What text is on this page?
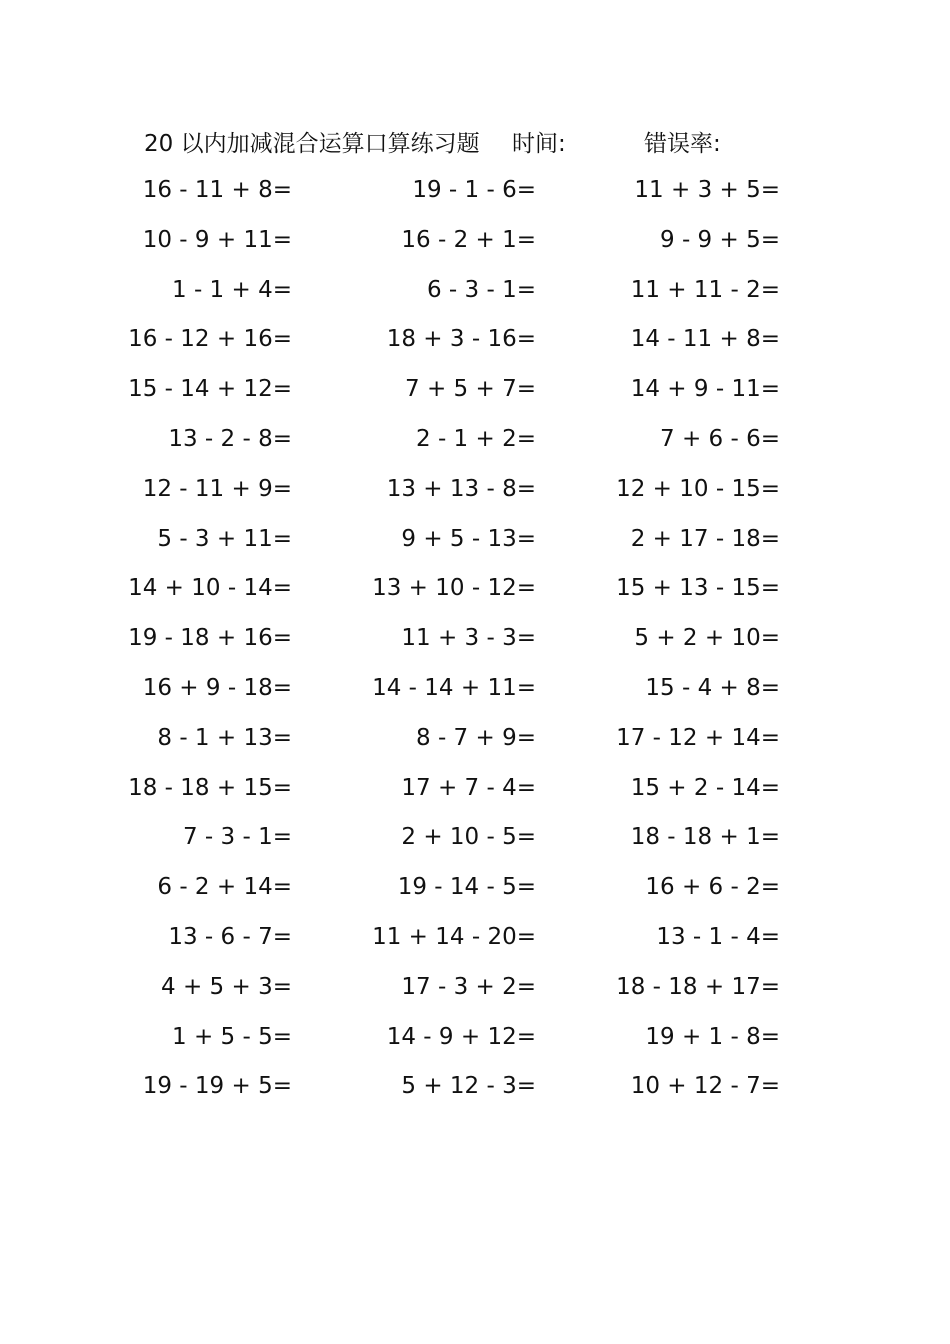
20 以内加减混合运算口算练习题 时间:	错误率:
16 - 11 + 8=	19 - 1 - 6=	11 + 3 + 5=
10 - 9 + 11=	16 - 2 + 1=	9 - 9 + 5=
1 - 1 + 4=	6 - 3 - 1=	11 + 11 - 2=
16 - 12 + 16=	18 + 3 - 16=	14 - 11 + 8=
15 - 14 + 12=	7 + 5 + 7=	14 + 9 - 11=
13 - 2 - 8=	2 - 1 + 2=	7 + 6 - 6=
12 - 11 + 9=	13 + 13 - 8=	12 + 10 - 15=
5 - 3 + 11=	9 + 5 - 13=	2 + 17 - 18=
14 + 10 - 14=	13 + 10 - 12=	15 + 13 - 15=
19 - 18 + 16=	11 + 3 - 3=	5 + 2 + 10=
16 + 9 - 18=	14 - 14 + 11=	15 - 4 + 8=
8 - 1 + 13=	8 - 7 + 9=	17 - 12 + 14=
18 - 18 + 15=	17 + 7 - 4=	15 + 2 - 14=
7 - 3 - 1=	2 + 10 - 5=	18 - 18 + 1=
6 - 2 + 14=	19 - 14 - 5=	16 + 6 - 2=
13 - 6 - 7=	11 + 14 - 20=	13 - 1 - 4=
4 + 5 + 3=	17 - 3 + 2=	18 - 18 + 17=
1 + 5 - 5=	14 - 9 + 12=	19 + 1 - 8=
19 - 19 + 5=	5 + 12 - 3=	10 + 12 - 7=
